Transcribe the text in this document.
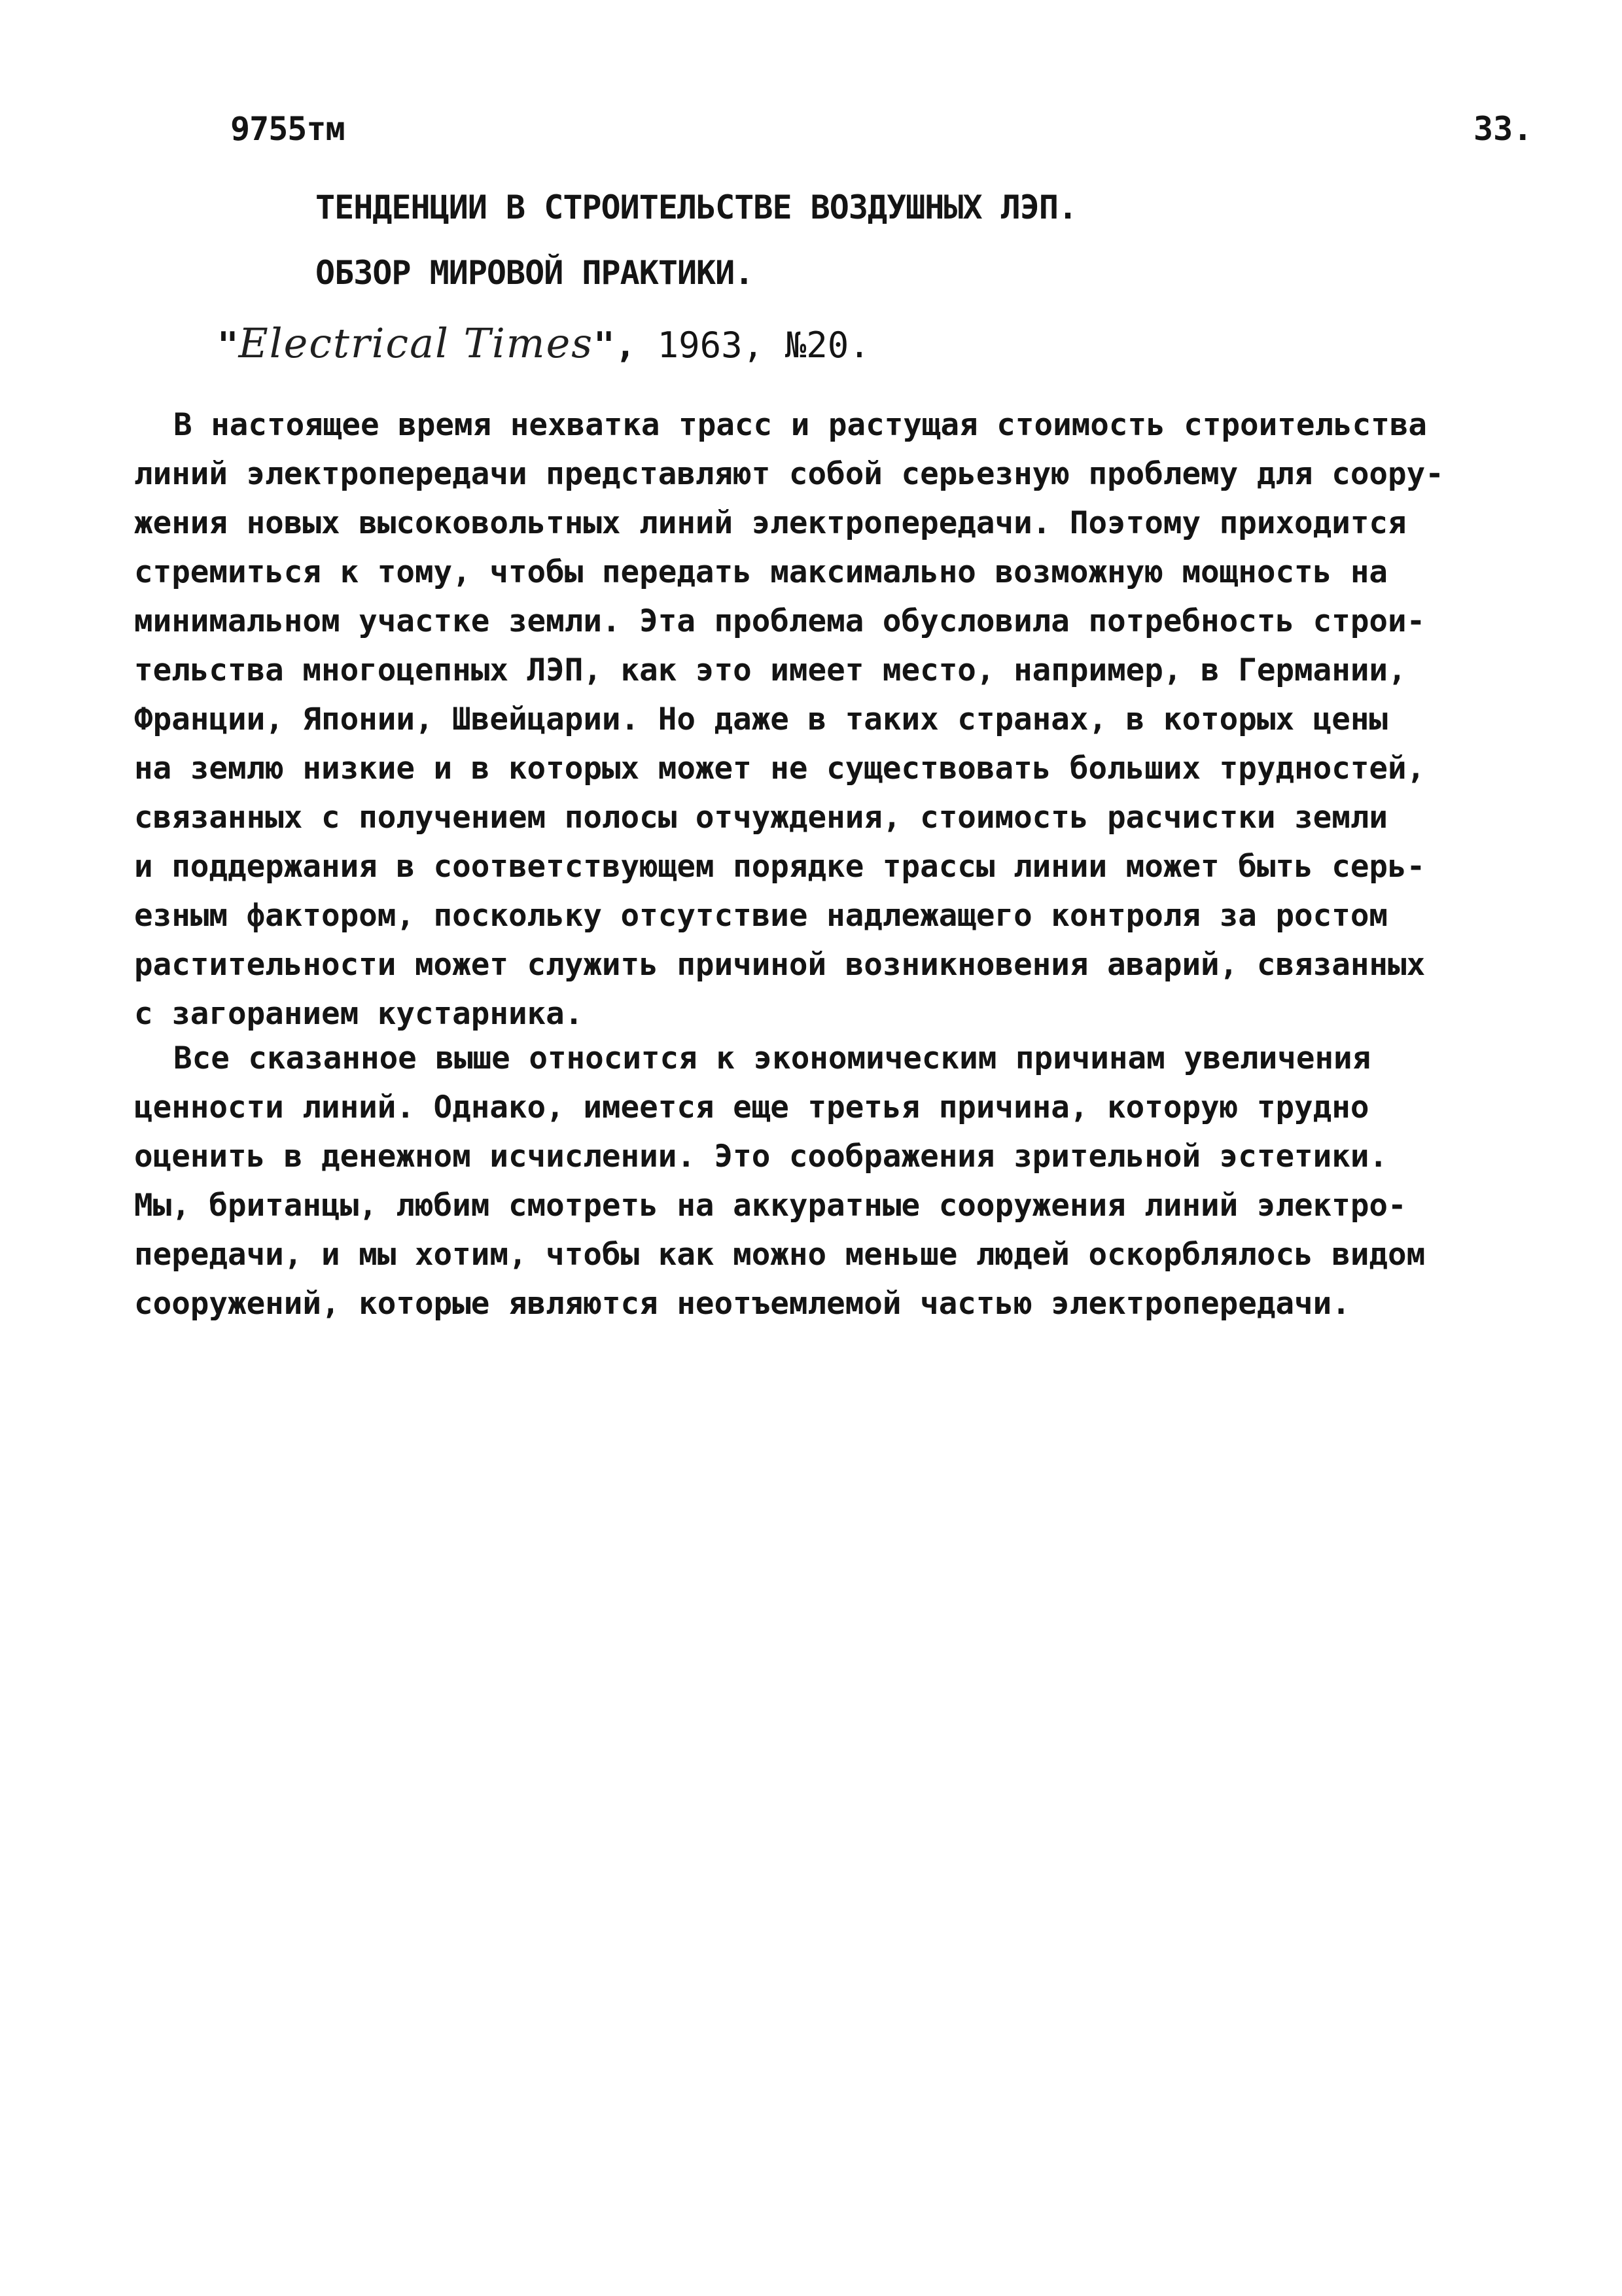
9755тм	33.
ТЕНДЕНЦИИ В СТРОИТЕЛЬСТВЕ ВОЗДУШНЫХ ЛЭП.
ОБЗОР МИРОВОЙ ПРАКТИКИ.
"Electrical Times", 1963, №20.
В настоящее время нехватка трасс и растущая стоимость строительства
линий электропередачи представляют собой серьезную проблему для соору-
жения новых высоковольтных линий электропередачи. Поэтому приходится
стремиться к тому, чтобы передать максимально возможную мощность на
минимальном участке земли. Эта проблема обусловила потребность строи-
тельства многоцепных ЛЭП, как это имеет место, например, в Германии,
Франции, Японии, Швейцарии. Но даже в таких странах, в которых цены
на землю низкие и в которых может не существовать больших трудностей,
связанных с получением полосы отчуждения, стоимость расчистки земли
и поддержания в соответствующем порядке трассы линии может быть серь-
езным фактором, поскольку отсутствие надлежащего контроля за ростом
растительности может служить причиной возникновения аварий, связанных
с загоранием кустарника.
Все сказанное выше относится к экономическим причинам увеличения
ценности линий. Однако, имеется еще третья причина, которую трудно
оценить в денежном исчислении. Это соображения зрительной эстетики.
Мы, британцы, любим смотреть на аккуратные сооружения линий электро-
передачи, и мы хотим, чтобы как можно меньше людей оскорблялось видом
сооружений, которые являются неотъемлемой частью электропередачи.
